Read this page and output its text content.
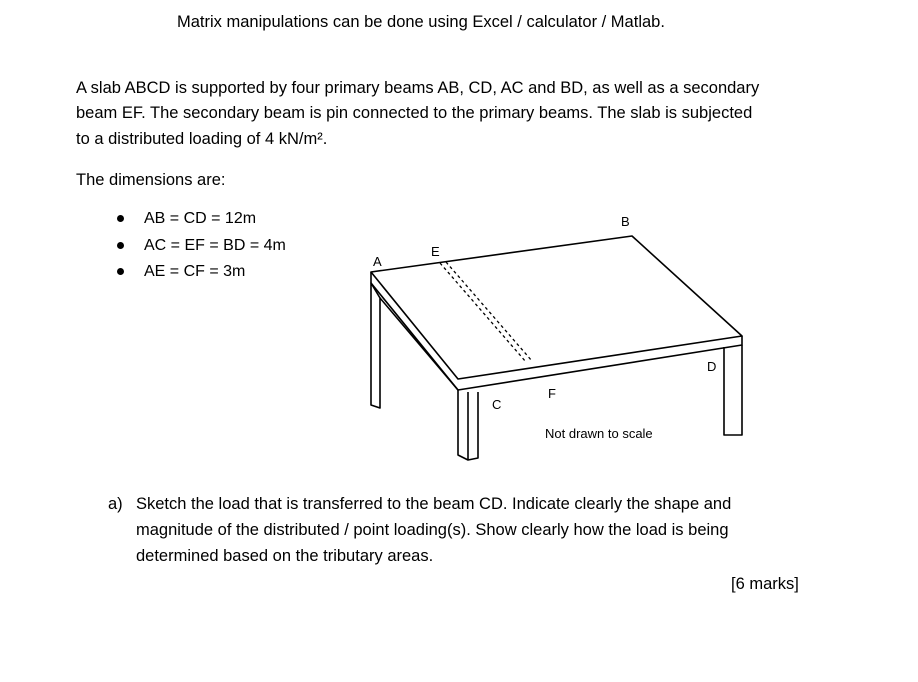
Matrix manipulations can be done using Excel / calculator / Matlab.
A slab ABCD is supported by four primary beams AB, CD, AC and BD, as well as a secondary
beam EF. The secondary beam is pin connected to the primary beams. The slab is subjected
to a distributed loading of 4 kN/m².
The dimensions are:
AB = CD = 12m
AC = EF = BD = 4m
AE = CF = 3m
A
B
C
D
E
F
Not drawn to scale
a) Sketch the load that is transferred to the beam CD. Indicate clearly the shape and
magnitude of the distributed / point loading(s). Show clearly how the load is being
determined based on the tributary areas.
[6 marks]
